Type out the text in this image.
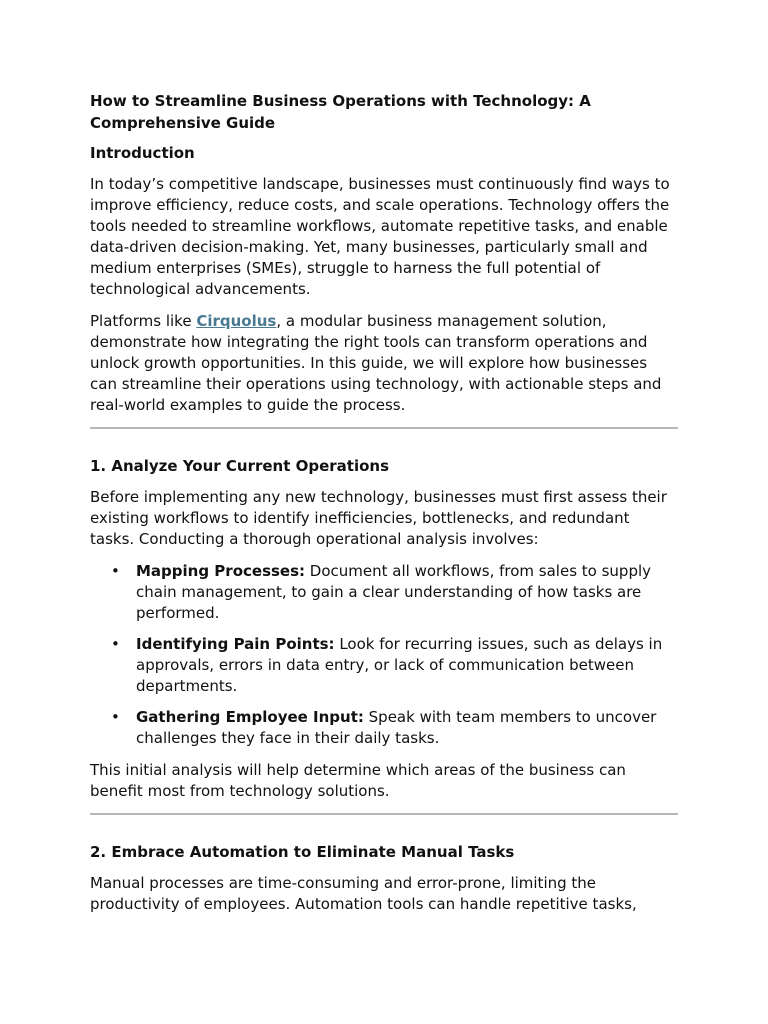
How to Streamline Business Operations with Technology: A Comprehensive Guide
Introduction

In today’s competitive landscape, businesses must continuously find ways to improve efficiency, reduce costs, and scale operations. Technology offers the tools needed to streamline workflows, automate repetitive tasks, and enable data-driven decision-making. Yet, many businesses, particularly small and medium enterprises (SMEs), struggle to harness the full potential of technological advancements.

Platforms like Cirquolus, a modular business management solution, demonstrate how integrating the right tools can transform operations and unlock growth opportunities. In this guide, we will explore how businesses can streamline their operations using technology, with actionable steps and real-world examples to guide the process.

1. Analyze Your Current Operations

Before implementing any new technology, businesses must first assess their existing workflows to identify inefficiencies, bottlenecks, and redundant tasks. Conducting a thorough operational analysis involves:

• Mapping Processes: Document all workflows, from sales to supply chain management, to gain a clear understanding of how tasks are performed.
• Identifying Pain Points: Look for recurring issues, such as delays in approvals, errors in data entry, or lack of communication between departments.
• Gathering Employee Input: Speak with team members to uncover challenges they face in their daily tasks.

This initial analysis will help determine which areas of the business can benefit most from technology solutions.

2. Embrace Automation to Eliminate Manual Tasks

Manual processes are time-consuming and error-prone, limiting the productivity of employees. Automation tools can handle repetitive tasks,
